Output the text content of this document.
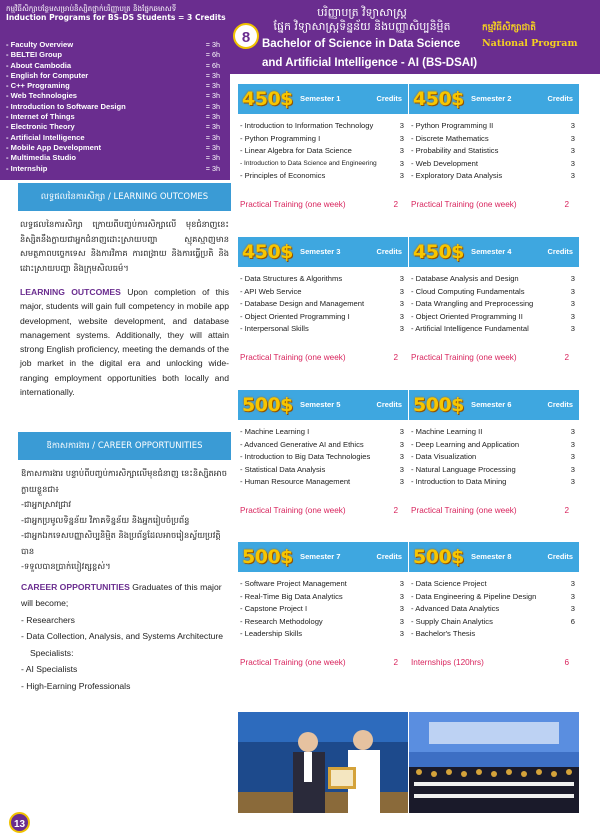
កម្មវិធីសិក្សាបន្ថែមសម្រាប់និស្សិតថ្នាក់បរិញ្ញាបត្រ និងផ្នែកឆមាសទី
Induction Programs for BS-DS Students = 3 Credits
- Faculty Overview	= 3h
- BELTEI Group	= 6h
- About Cambodia	= 6h
- English for Computer	= 3h
- C++ Programing	= 3h
- Web Technologies	= 3h
- Introduction to Software Design	= 3h
- Internet of Things	= 3h
- Electronic Theory	= 3h
- Artificial Intelligence	= 3h
- Mobile App Development	= 3h
- Multimedia Studio	= 3h
- Internship	= 3h
8
បរិញ្ញាបត្រ វិទ្យាសាស្ត្រ
ផ្នែក វិទ្យាសាស្ត្រទិន្នន័យ និងបញ្ញាសិប្បនិម្មិត
Bachelor of Science in Data Science
and Artificial Intelligence - AI (BS-DSAI)
កម្មវិធីសិក្សាជាតិ
National Program
លទ្ធផលនៃការសិក្សា / LEARNING OUTCOMES
លទ្ធផលនៃការសិក្សា ក្រោយពីបញ្ចប់ការសិក្សាលើ មុខជំនាញនេះនិស្សិតនឹងក្លាយជាអ្នកជំនាញដោះស្រាយបញ្ហា ស្មុគស្មាញមានសមត្ថភាពបច្ចេកទេស និងការវិភាគ ការពង្រាយ និងការធ្វើប្រតិ និងដោះស្រាយបញ្ហា និងក្រុមសិលធម៌។
LEARNING OUTCOMES Upon completion of this major, students will gain full competency in mobile app development, website development, and database management systems. Additionally, they will attain strong English proficiency, meeting the demands of the job market in the digital era and unlocking wide-ranging employment opportunities both locally and internationally.
ឱកាសការងារ / CAREER OPPORTUNITIES
ឱកាសការងារ បន្ទាប់ពីបញ្ចប់ការសិក្សាលើមុខជំនាញ នេះនិស្សិតអាចក្លាយខ្លួនជា៖
-ជាអ្នកស្រាវជ្រាវ
-ជាអ្នកប្រមូលទិន្នន័យ វិភាគទិន្នន័យ និងអ្នករៀបចំប្រព័ន្ធ
-ជាអ្នកឯកទេសបញ្ញាសិប្បនិម្មិត និងប្រព័ន្ធដែលអាចរៀនស្វ័យប្រវត្តិបាន
-ទទួលបានប្រាក់បៀវត្សខ្ពស់។
CAREER OPPORTUNITIES Graduates of this major will become;
- Researchers
- Data Collection, Analysis, and Systems Architecture
Specialists:
- AI Specialists
- High-Earning Professionals
450$ Semester 1	Credits
- Introduction to Information Technology	3
- Python Programming I	3
- Linear Algebra for Data Science	3
- Introduction to Data Science and Engineering	3
- Principles of Economics	3
Practical Training (one week)	2
450$ Semester 2	Credits
- Python Programming II	3
- Discrete Mathematics	3
- Probability and Statistics	3
- Web Development	3
- Exploratory Data Analysis	3
Practical Training (one week)	2
450$ Semester 3	Credits
- Data Structures & Algorithms	3
- API Web Service	3
- Database Design and Management	3
- Object Oriented Programming I	3
- Interpersonal Skills	3
Practical Training (one week)	2
450$ Semester 4	Credits
- Database Analysis and Design	3
- Cloud Computing Fundamentals	3
- Data Wrangling and Preprocessing	3
- Object Oriented Programming II	3
- Artificial Intelligence Fundamental	3
Practical Training (one week)	2
500$ Semester 5	Credits
- Machine Learning I	3
- Advanced Generative AI and Ethics	3
- Introduction to Big Data Technologies	3
- Statistical Data Analysis	3
- Human Resource Management	3
Practical Training (one week)	2
500$ Semester 6	Credits
- Machine Learning II	3
- Deep Learning and Application	3
- Data Visualization	3
- Natural Language Processing	3
- Introduction to Data Mining	3
Practical Training (one week)	2
500$ Semester 7	Credits
- Software Project Management	3
- Real-Time Big Data Analytics	3
- Capstone Project I	3
- Research Methodology	3
- Leadership Skills	3
Practical Training (one week)	2
500$ Semester 8	Credits
- Data Science Project	3
- Data Engineering & Pipeline Design	3
- Advanced Data Analytics	3
- Supply Chain Analytics	6
- Bachelor's Thesis
Internships (120hrs)	6
13
